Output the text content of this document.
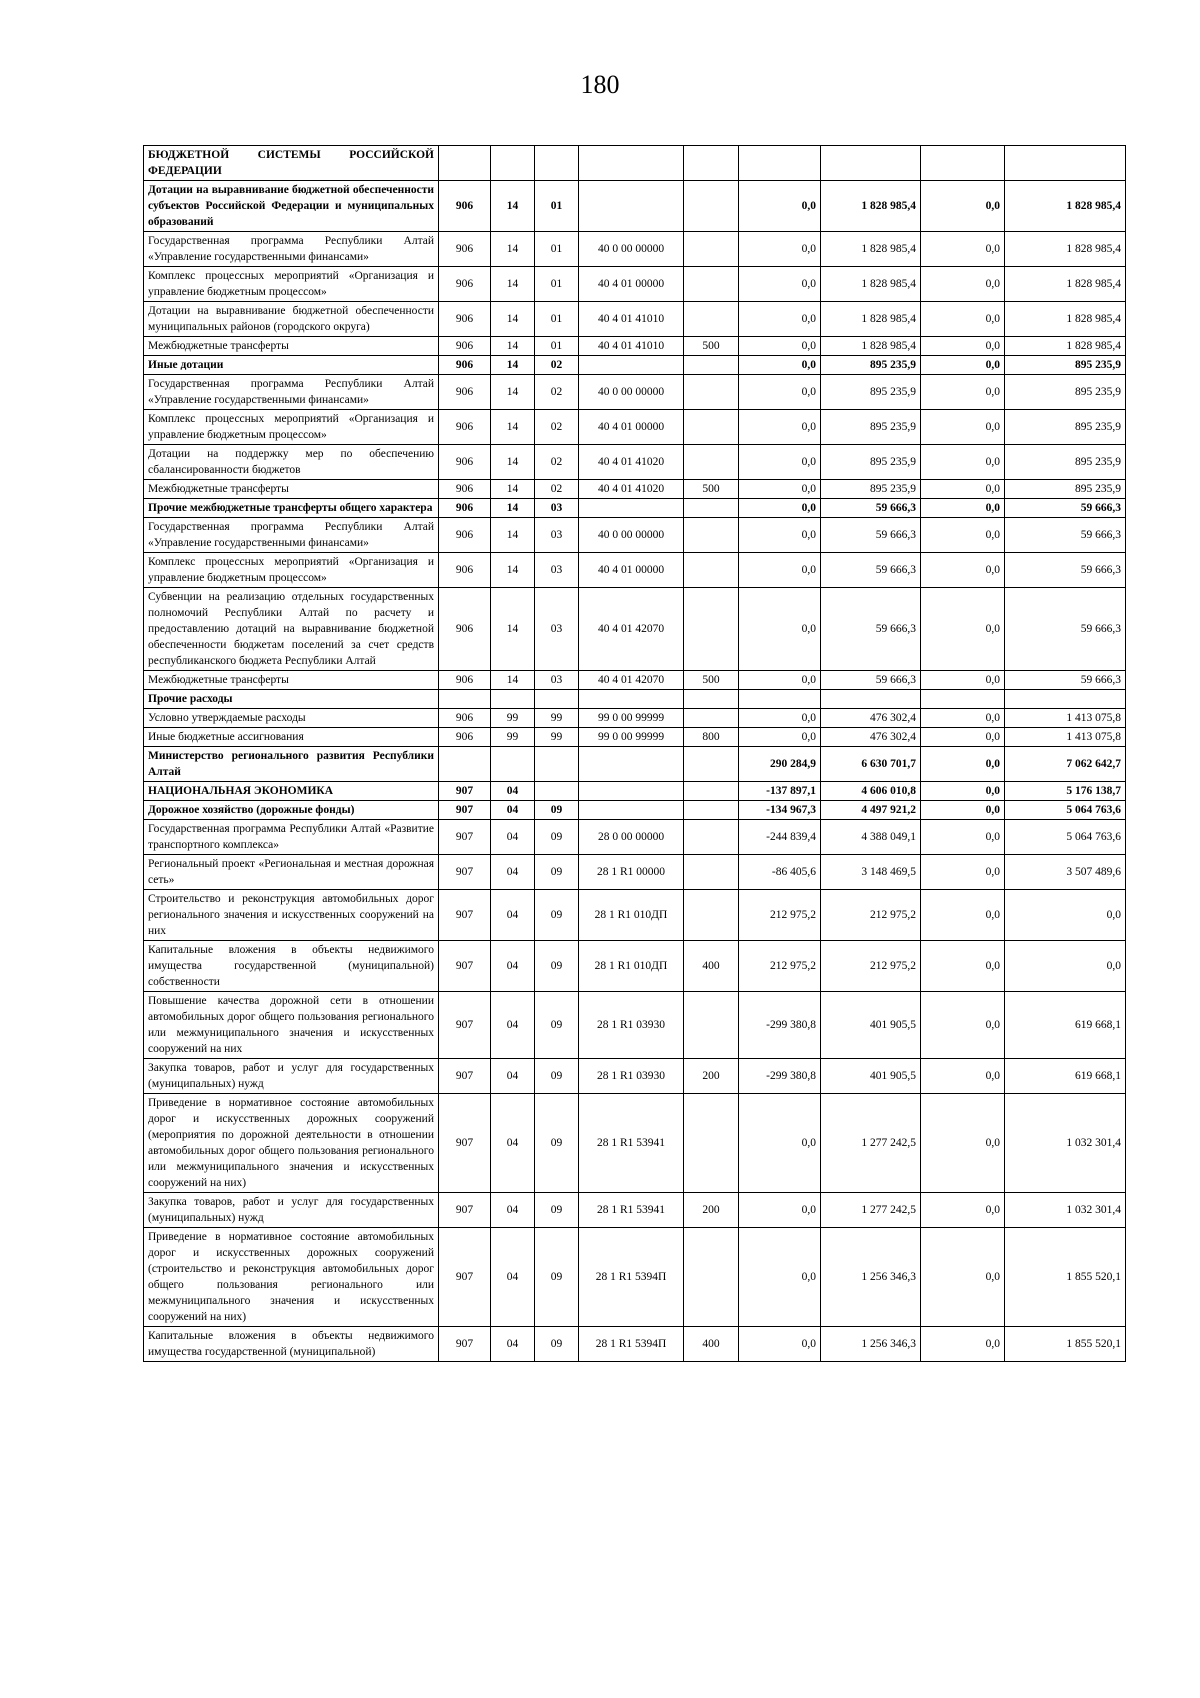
180
БЮДЖЕТНОЙ СИСТЕМЫ РОССИЙСКОЙ ФЕДЕРАЦИИ									
Дотации на выравнивание бюджетной обеспеченности субъектов Российской Федерации и муниципальных образований	906	14	01			0,0	1 828 985,4	0,0	1 828 985,4
Государственная программа Республики Алтай «Управление государственными финансами»	906	14	01	40 0 00 00000		0,0	1 828 985,4	0,0	1 828 985,4
Комплекс процессных мероприятий «Организация и управление бюджетным процессом»	906	14	01	40 4 01 00000		0,0	1 828 985,4	0,0	1 828 985,4
Дотации на выравнивание бюджетной обеспеченности муниципальных районов (городского округа)	906	14	01	40 4 01 41010		0,0	1 828 985,4	0,0	1 828 985,4
Межбюджетные трансферты	906	14	01	40 4 01 41010	500	0,0	1 828 985,4	0,0	1 828 985,4
Иные дотации	906	14	02			0,0	895 235,9	0,0	895 235,9
Государственная программа Республики Алтай «Управление государственными финансами»	906	14	02	40 0 00 00000		0,0	895 235,9	0,0	895 235,9
Комплекс процессных мероприятий «Организация и управление бюджетным процессом»	906	14	02	40 4 01 00000		0,0	895 235,9	0,0	895 235,9
Дотации на поддержку мер по обеспечению сбалансированности бюджетов	906	14	02	40 4 01 41020		0,0	895 235,9	0,0	895 235,9
Межбюджетные трансферты	906	14	02	40 4 01 41020	500	0,0	895 235,9	0,0	895 235,9
Прочие межбюджетные трансферты общего характера	906	14	03			0,0	59 666,3	0,0	59 666,3
Государственная программа Республики Алтай «Управление государственными финансами»	906	14	03	40 0 00 00000		0,0	59 666,3	0,0	59 666,3
Комплекс процессных мероприятий «Организация и управление бюджетным процессом»	906	14	03	40 4 01 00000		0,0	59 666,3	0,0	59 666,3
Субвенции на реализацию отдельных государственных полномочий Республики Алтай по расчету и предоставлению дотаций на выравнивание бюджетной обеспеченности бюджетам поселений за счет средств республиканского бюджета Республики Алтай	906	14	03	40 4 01 42070		0,0	59 666,3	0,0	59 666,3
Межбюджетные трансферты	906	14	03	40 4 01 42070	500	0,0	59 666,3	0,0	59 666,3
Прочие расходы									
Условно утверждаемые расходы	906	99	99	99 0 00 99999		0,0	476 302,4	0,0	1 413 075,8
Иные бюджетные ассигнования	906	99	99	99 0 00 99999	800	0,0	476 302,4	0,0	1 413 075,8
Министерство регионального развития Республики Алтай						290 284,9	6 630 701,7	0,0	7 062 642,7
НАЦИОНАЛЬНАЯ ЭКОНОМИКА	907	04				-137 897,1	4 606 010,8	0,0	5 176 138,7
Дорожное хозяйство (дорожные фонды)	907	04	09			-134 967,3	4 497 921,2	0,0	5 064 763,6
Государственная программа Республики Алтай «Развитие транспортного комплекса»	907	04	09	28 0 00 00000		-244 839,4	4 388 049,1	0,0	5 064 763,6
Региональный проект «Региональная и местная дорожная сеть»	907	04	09	28 1 R1 00000		-86 405,6	3 148 469,5	0,0	3 507 489,6
Строительство и реконструкция автомобильных дорог регионального значения и искусственных сооружений на них	907	04	09	28 1 R1 010ДП		212 975,2	212 975,2	0,0	0,0
Капитальные вложения в объекты недвижимого имущества государственной (муниципальной) собственности	907	04	09	28 1 R1 010ДП	400	212 975,2	212 975,2	0,0	0,0
Повышение качества дорожной сети в отношении автомобильных дорог общего пользования регионального или межмуниципального значения и искусственных сооружений на них	907	04	09	28 1 R1 03930		-299 380,8	401 905,5	0,0	619 668,1
Закупка товаров, работ и услуг для государственных (муниципальных) нужд	907	04	09	28 1 R1 03930	200	-299 380,8	401 905,5	0,0	619 668,1
Приведение в нормативное состояние автомобильных дорог и искусственных дорожных сооружений (мероприятия по дорожной деятельности в отношении автомобильных дорог общего пользования регионального или межмуниципального значения и искусственных сооружений на них)	907	04	09	28 1 R1 53941		0,0	1 277 242,5	0,0	1 032 301,4
Закупка товаров, работ и услуг для государственных (муниципальных) нужд	907	04	09	28 1 R1 53941	200	0,0	1 277 242,5	0,0	1 032 301,4
Приведение в нормативное состояние автомобильных дорог и искусственных дорожных сооружений (строительство и реконструкция автомобильных дорог общего пользования регионального или межмуниципального значения и искусственных сооружений на них)	907	04	09	28 1 R1 5394П		0,0	1 256 346,3	0,0	1 855 520,1
Капитальные вложения в объекты недвижимого имущества государственной (муниципальной)	907	04	09	28 1 R1 5394П	400	0,0	1 256 346,3	0,0	1 855 520,1
